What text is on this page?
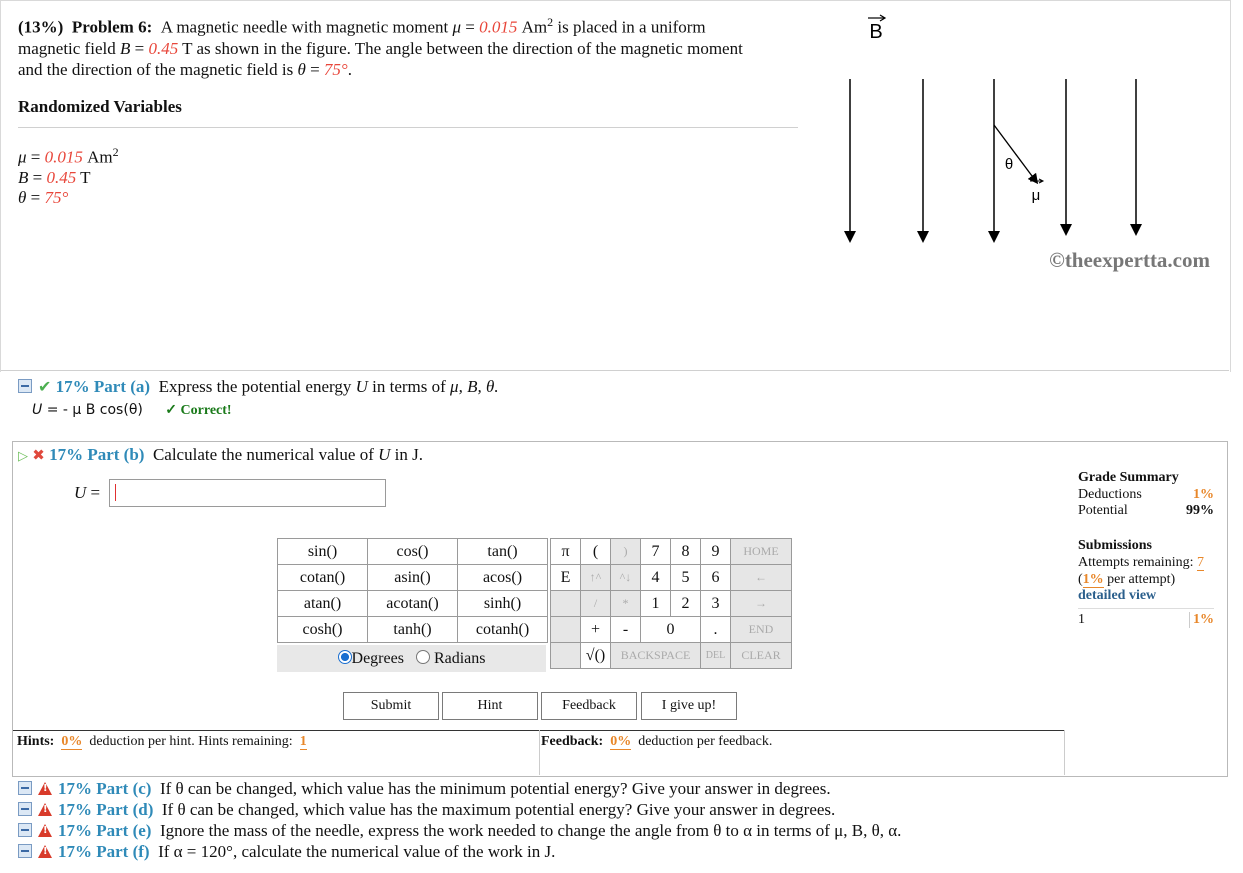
(13%) Problem 6: A magnetic needle with magnetic moment μ = 0.015 Am$^2$ is placed in a uniform
magnetic field B = 0.45 T as shown in the figure. The angle between the direction of the magnetic moment
and the direction of the magnetic field is θ = 75°.
Randomized Variables
μ = 0.015 Am$^2$
B = 0.45 T
θ = 75°
B
θ
μ
©theexpertta.com
✔ 17% Part (a) Express the potential energy U in terms of μ, B, θ.
U = - μ B cos(θ) ✓ Correct!
▷ ✖ 17% Part (b) Calculate the numerical value of U in J.
U =
sin()	cos()	tan()
cotan()	asin()	acos()
atan()	acotan()	sinh()
cosh()	tanh()	cotanh()
Degrees Radians
π	(	)	7	8	9	HOME
E	↑^	^↓	4	5	6	←
	/	*	1	2	3	→
	+	-	0		.	END
	√()	BACKSPACE			DEL	CLEAR
Submit	Hint	Feedback	I give up!
Hints: 0% deduction per hint. Hints remaining: 1	Feedback: 0% deduction per feedback.
Grade Summary
Deductions	1%
Potential	99%
Submissions
Attempts remaining: 7
(1% per attempt)
detailed view
1	1%
!17% Part (c) If θ can be changed, which value has the minimum potential energy? Give your answer in degrees.
!17% Part (d) If θ can be changed, which value has the maximum potential energy? Give your answer in degrees.
!17% Part (e) Ignore the mass of the needle, express the work needed to change the angle from θ to α in terms of μ, B, θ, α.
!17% Part (f) If α = 120°, calculate the numerical value of the work in J.
